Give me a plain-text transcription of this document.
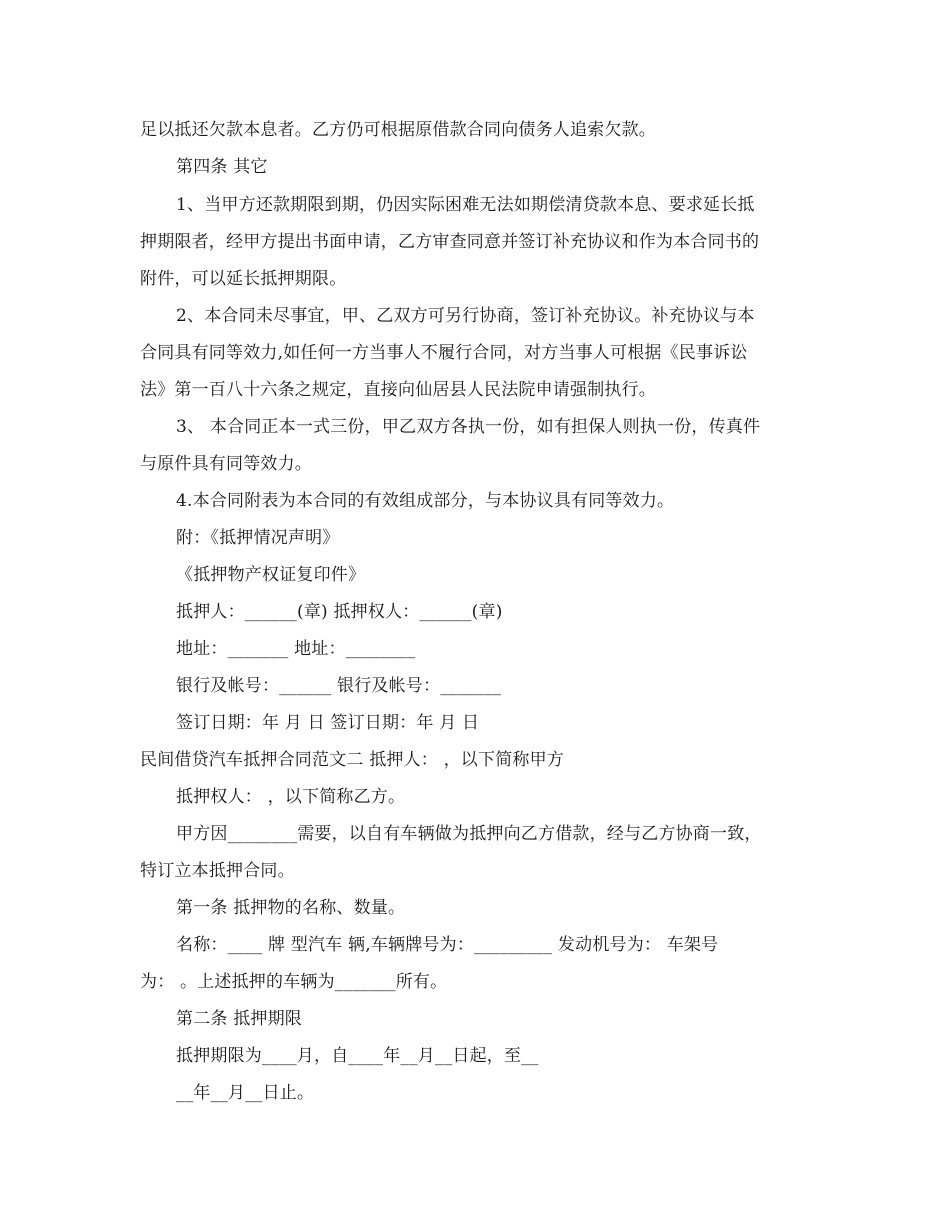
足以抵还欠款本息者。乙方仍可根据原借款合同向债务人追索欠款。
第四条 其它
1、当甲方还款期限到期，仍因实际困难无法如期偿清贷款本息、要求延长抵
押期限者，经甲方提出书面申请，乙方审查同意并签订补充协议和作为本合同书的
附件，可以延长抵押期限。
2、本合同未尽事宜，甲、乙双方可另行协商，签订补充协议。补充协议与本
合同具有同等效力,如任何一方当事人不履行合同，对方当事人可根据《民事诉讼
法》第一百八十六条之规定，直接向仙居县人民法院申请强制执行。
3、 本合同正本一式三份，甲乙双方各执一份，如有担保人则执一份，传真件
与原件具有同等效力。
4.本合同附表为本合同的有效组成部分，与本协议具有同等效力。
附：《抵押情况声明》
《抵押物产权证复印件》
抵押人：______(章) 抵押权人：______(章)
地址：_______ 地址：________
银行及帐号：______ 银行及帐号：_______
签订日期：年 月 日 签订日期：年 月 日
民间借贷汽车抵押合同范文二 抵押人： ，以下简称甲方
抵押权人： ，以下简称乙方。
甲方因________需要，以自有车辆做为抵押向乙方借款，经与乙方协商一致，
特订立本抵押合同。
第一条 抵押物的名称、数量。
名称：____ 牌 型汽车 辆,车辆牌号为：_________ 发动机号为： 车架号
为： 。上述抵押的车辆为_______所有。
第二条 抵押期限
抵押期限为____月，自____年__月__日起，至__
__年__月__日止。
